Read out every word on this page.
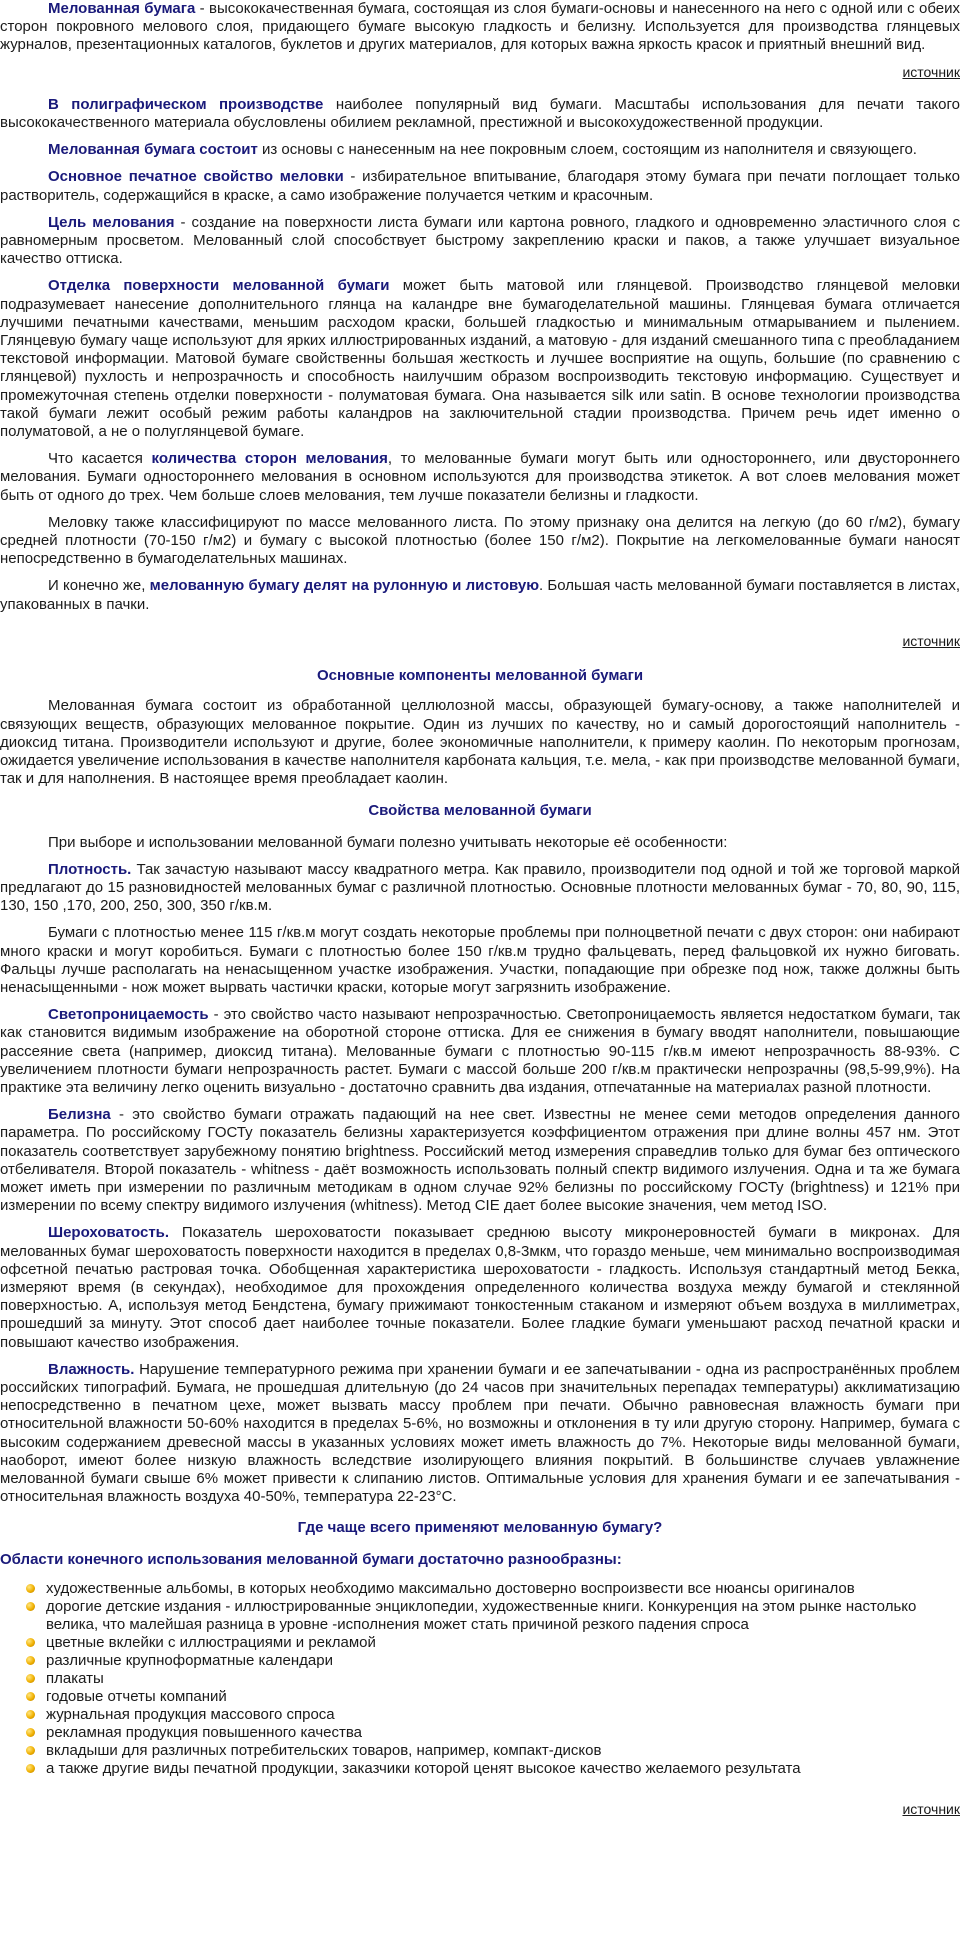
Мелованная бумага - высококачественная бумага, состоящая из слоя бумаги-основы и нанесенного на него с одной или с обеих сторон покровного мелового слоя, придающего бумаге высокую гладкость и белизну. Используется для производства глянцевых журналов, презентационных каталогов, буклетов и других материалов, для которых важна яркость красок и приятный внешний вид.

источник

В полиграфическом производстве наиболее популярный вид бумаги. Масштабы использования для печати такого высококачественного материала обусловлены обилием рекламной, престижной и высокохудожественной продукции.

Мелованная бумага состоит из основы с нанесенным на нее покровным слоем, состоящим из наполнителя и связующего.

Основное печатное свойство меловки - избирательное впитывание, благодаря этому бумага при печати поглощает только растворитель, содержащийся в краске, а само изображение получается четким и красочным.

Цель мелования - создание на поверхности листа бумаги или картона ровного, гладкого и одновременно эластичного слоя с равномерным просветом. Мелованный слой способствует быстрому закреплению краски и паков, а также улучшает визуальное качество оттиска.

Отделка поверхности мелованной бумаги может быть матовой или глянцевой. Производство глянцевой меловки подразумевает нанесение дополнительного глянца на каландре вне бумагоделательной машины. Глянцевая бумага отличается лучшими печатными качествами, меньшим расходом краски, большей гладкостью и минимальным отмарыванием и пылением. Глянцевую бумагу чаще используют для ярких иллюстрированных изданий, а матовую - для изданий смешанного типа с преобладанием текстовой информации. Матовой бумаге свойственны большая жесткость и лучшее восприятие на ощупь, большие (по сравнению с глянцевой) пухлость и непрозрачность и способность наилучшим образом воспроизводить текстовую информацию. Существует и промежуточная степень отделки поверхности - полуматовая бумага. Она называется silk или satin. В основе технологии производства такой бумаги лежит особый режим работы каландров на заключительной стадии производства. Причем речь идет именно о полуматовой, а не о полуглянцевой бумаге.

Что касается количества сторон мелования, то мелованные бумаги могут быть или одностороннего, или двустороннего мелования. Бумаги одностороннего мелования в основном используются для производства этикеток. А вот слоев мелования может быть от одного до трех. Чем больше слоев мелования, тем лучше показатели белизны и гладкости.

Меловку также классифицируют по массе мелованного листа. По этому признаку она делится на легкую (до 60 г/м2), бумагу средней плотности (70-150 г/м2) и бумагу с высокой плотностью (более 150 г/м2). Покрытие на легкомелованные бумаги наносят непосредственно в бумагоделательных машинах.

И конечно же, мелованную бумагу делят на рулонную и листовую. Большая часть мелованной бумаги поставляется в листах, упакованных в пачки.

источник
Основные компоненты мелованной бумаги

Мелованная бумага состоит из обработанной целлюлозной массы, образующей бумагу-основу, а также наполнителей и связующих веществ, образующих мелованное покрытие. Один из лучших по качеству, но и самый дорогостоящий наполнитель - диоксид титана. Производители используют и другие, более экономичные наполнители, к примеру каолин. По некоторым прогнозам, ожидается увеличение использования в качестве наполнителя карбоната кальция, т.е. мела, - как при производстве мелованной бумаги, так и для наполнения. В настоящее время преобладает каолин.

Свойства мелованной бумаги

При выборе и использовании мелованной бумаги полезно учитывать некоторые её особенности:

Плотность. Так зачастую называют массу квадратного метра. Как правило, производители под одной и той же торговой маркой предлагают до 15 разновидностей мелованных бумаг с различной плотностью. Основные плотности мелованных бумаг - 70, 80, 90, 115, 130, 150 ,170, 200, 250, 300, 350 г/кв.м.

Бумаги с плотностью менее 115 г/кв.м могут создать некоторые проблемы при полноцветной печати с двух сторон: они набирают много краски и могут коробиться. Бумаги с плотностью более 150 г/кв.м трудно фальцевать, перед фальцовкой их нужно биговать. Фальцы лучше располагать на ненасыщенном участке изображения. Участки, попадающие при обрезке под нож, также должны быть ненасыщенными - нож может вырвать частички краски, которые могут загрязнить изображение.

Светопроницаемость - это свойство часто называют непрозрачностью. Светопроницаемость является недостатком бумаги, так как становится видимым изображение на оборотной стороне оттиска. Для ее снижения в бумагу вводят наполнители, повышающие рассеяние света (например, диоксид титана). Мелованные бумаги с плотностью 90-115 г/кв.м имеют непрозрачность 88-93%. С увеличением плотности бумаги непрозрачность растет. Бумаги с массой больше 200 г/кв.м практически непрозрачны (98,5-99,9%). На практике эта величину легко оценить визуально - достаточно сравнить два издания, отпечатанные на материалах разной плотности.

Белизна - это свойство бумаги отражать падающий на нее свет. Известны не менее семи методов определения данного параметра. По российскому ГОСТу показатель белизны характеризуется коэффициентом отражения при длине волны 457 нм. Этот показатель соответствует зарубежному понятию brightness. Российский метод измерения справедлив только для бумаг без оптического отбеливателя. Второй показатель - whitness - даёт возможность использовать полный спектр видимого излучения. Одна и та же бумага может иметь при измерении по различным методикам в одном случае 92% белизны по российскому ГОСТу (brightness) и 121% при измерении по всему спектру видимого излучения (whitness). Метод CIE дает более высокие значения, чем метод ISO.

Шероховатость. Показатель шероховатости показывает среднюю высоту микронеровностей бумаги в микронах. Для мелованных бумаг шероховатость поверхности находится в пределах 0,8-3мкм, что гораздо меньше, чем минимально воспроизводимая офсетной печатью растровая точка. Обобщенная характеристика шероховатости - гладкость. Используя стандартный метод Бекка, измеряют время (в секундах), необходимое для прохождения определенного количества воздуха между бумагой и стеклянной поверхностью. А, используя метод Бендстена, бумагу прижимают тонкостенным стаканом и измеряют объем воздуха в миллиметрах, прошедший за минуту. Этот способ дает наиболее точные показатели. Более гладкие бумаги уменьшают расход печатной краски и повышают качество изображения.

Влажность. Нарушение температурного режима при хранении бумаги и ее запечатывании - одна из распространённых проблем российских типографий. Бумага, не прошедшая длительную (до 24 часов при значительных перепадах температуры) акклиматизацию непосредственно в печатном цехе, может вызвать массу проблем при печати. Обычно равновесная влажность бумаги при относительной влажности 50-60% находится в пределах 5-6%, но возможны и отклонения в ту или другую сторону. Например, бумага с высоким содержанием древесной массы в указанных условиях может иметь влажность до 7%. Некоторые виды мелованной бумаги, наоборот, имеют более низкую влажность вследствие изолирующего влияния покрытий. В большинстве случаев увлажнение мелованной бумаги свыше 6% может привести к слипанию листов. Оптимальные условия для хранения бумаги и ее запечатывания - относительная влажность воздуха 40-50%, температура 22-23°С.

Где чаще всего применяют мелованную бумагу?
Области конечного использования мелованной бумаги достаточно разнообразны:
художественные альбомы, в которых необходимо максимально достоверно воспроизвести все нюансы оригиналов
дорогие детские издания - иллюстрированные энциклопедии, художественные книги. Конкуренция на этом рынке настолько велика, что малейшая разница в уровне -исполнения может стать причиной резкого падения спроса
цветные вклейки с иллюстрациями и рекламой
различные крупноформатные календари
плакаты
годовые отчеты компаний
журнальная продукция массового спроса
рекламная продукция повышенного качества
вкладыши для различных потребительских товаров, например, компакт-дисков
а также другие виды печатной продукции, заказчики которой ценят высокое качество желаемого результата
источник
